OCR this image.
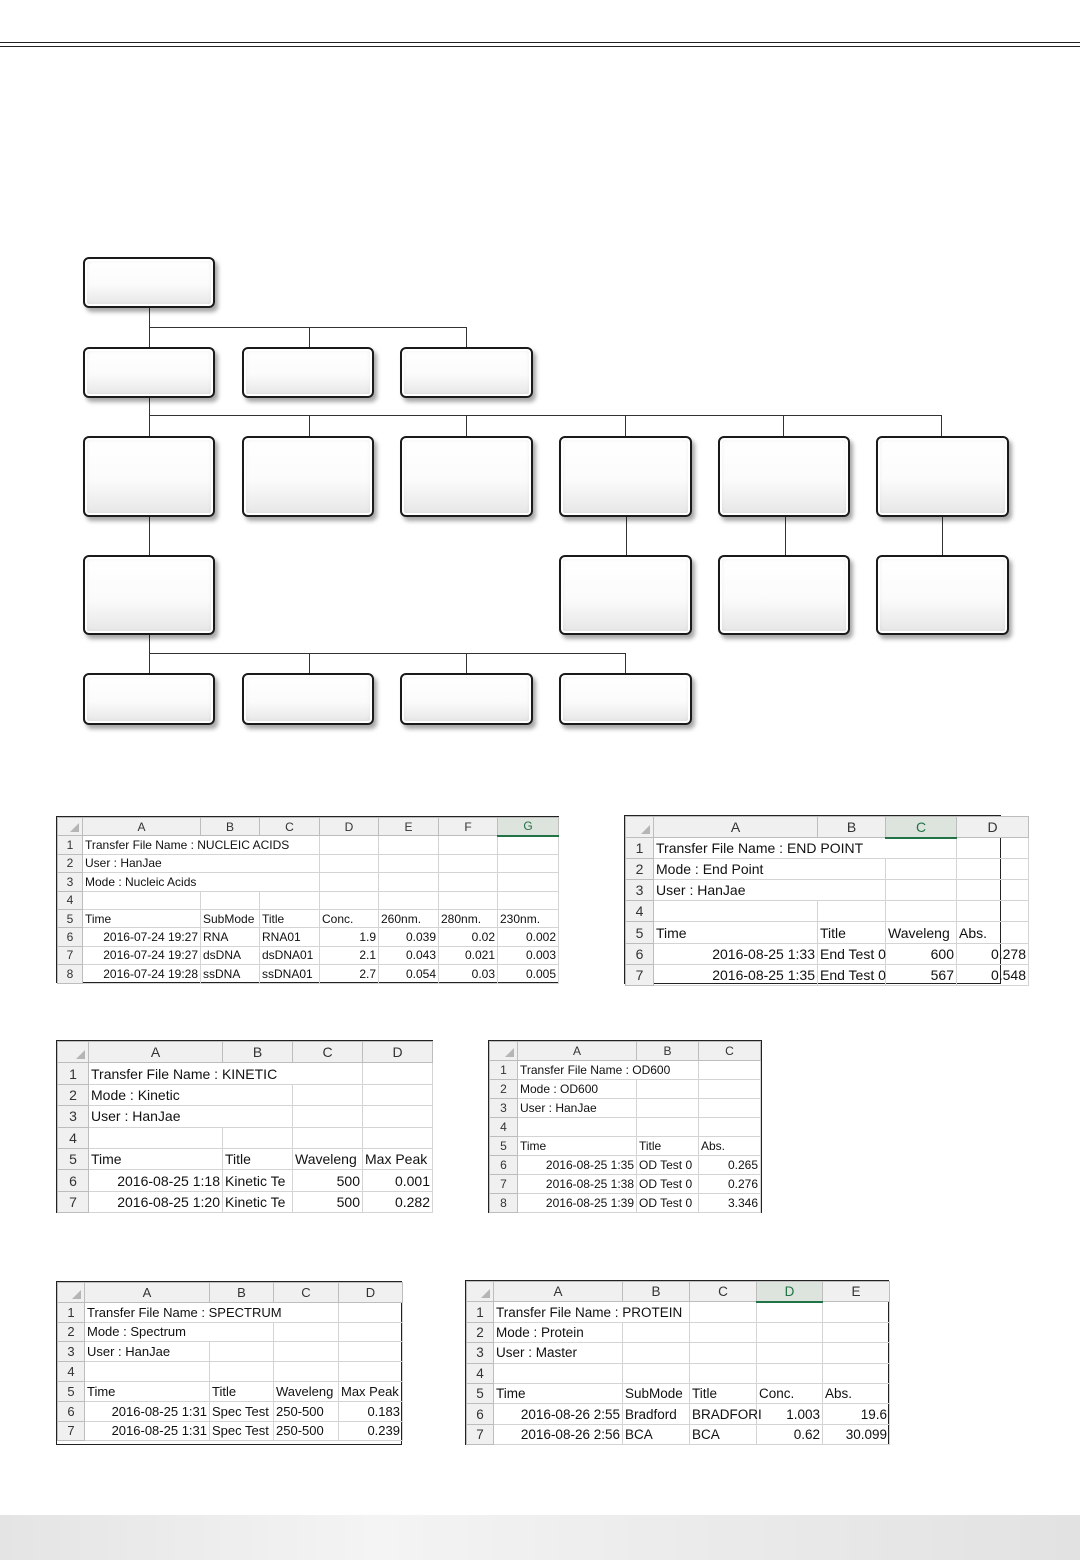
	A	B	C	D	E	F	G
1	Transfer File Name : NUCLEIC ACIDS						
2	User : HanJae						
3	Mode : Nucleic Acids						
4							
5	Time	SubMode	Title	Conc.	260nm.	280nm.	230nm.
6	2016-07-24 19:27	RNA	RNA01	1.9	0.039	0.02	0.002
7	2016-07-24 19:27	dsDNA	dsDNA01	2.1	0.043	0.021	0.003
8	2016-07-24 19:28	ssDNA	ssDNA01	2.7	0.054	0.03	0.005
	A	B	C	D
1	Transfer File Name : END POINT			
2	Mode : End Point			
3	User : HanJae			
4				
5	Time	Title	Waveleng	Abs.
6	2016-08-25 1:33	End Test 0	600	0.278
7	2016-08-25 1:35	End Test 0	567	0.548
	A	B	C	D
1	Transfer File Name : KINETIC			
2	Mode : Kinetic			
3	User : HanJae			
4				
5	Time	Title	Waveleng	Max Peak
6	2016-08-25 1:18	Kinetic Te	500	0.001
7	2016-08-25 1:20	Kinetic Te	500	0.282
	A	B	C
1	Transfer File Name : OD600		
2	Mode : OD600		
3	User : HanJae		
4			
5	Time	Title	Abs.
6	2016-08-25 1:35	OD Test 0	0.265
7	2016-08-25 1:38	OD Test 0	0.276
8	2016-08-25 1:39	OD Test 0	3.346
	A	B	C	D
1	Transfer File Name : SPECTRUM			
2	Mode : Spectrum			
3	User : HanJae			
4				
5	Time	Title	Waveleng	Max Peak
6	2016-08-25 1:31	Spec Test	250-500	0.183
7	2016-08-25 1:31	Spec Test	250-500	0.239
	A	B	C	D	E
1	Transfer File Name : PROTEIN				
2	Mode : Protein				
3	User : Master				
4					
5	Time	SubMode	Title	Conc.	Abs.
6	2016-08-26 2:55	Bradford	BRADFORI	1.003	19.6
7	2016-08-26 2:56	BCA	BCA	0.62	30.099
